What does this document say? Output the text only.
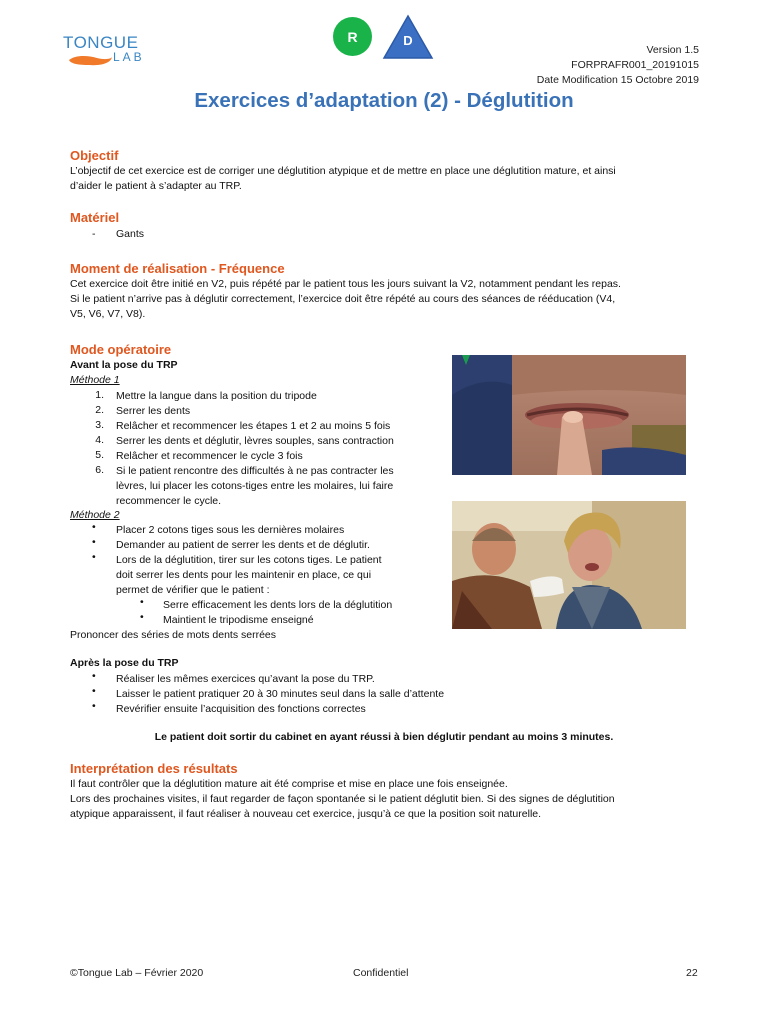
TONGUE
LAB
R	D
Version 1.5
FORPRAFR001_20191015
Date Modification 15 Octobre 2019
Exercices d’adaptation (2) - Déglutition
Objectif
L’objectif de cet exercice est de corriger une déglutition atypique et de mettre en place une déglutition mature, et ainsi
d’aider le patient à s’adapter au TRP.
Matériel
- Gants
Moment de réalisation - Fréquence
Cet exercice doit être initié en V2, puis répété par le patient tous les jours suivant la V2, notamment pendant les repas.
Si le patient n’arrive pas à déglutir correctement, l’exercice doit être répété au cours des séances de rééducation (V4,
V5, V6, V7, V8).
Mode opératoire
Avant la pose du TRP
Méthode 1
1. Mettre la langue dans la position du tripode
2. Serrer les dents
3. Relâcher et recommencer les étapes 1 et 2 au moins 5 fois
4. Serrer les dents et déglutir, lèvres souples, sans contraction
5. Relâcher et recommencer le cycle 3 fois
6. Si le patient rencontre des difficultés à ne pas contracter les
lèvres, lui placer les cotons-tiges entre les molaires, lui faire
recommencer le cycle.
Méthode 2
• Placer 2 cotons tiges sous les dernières molaires
• Demander au patient de serrer les dents et de déglutir.
• Lors de la déglutition, tirer sur les cotons tiges. Le patient
doit serrer les dents pour les maintenir en place, ce qui
permet de vérifier que le patient :
• Serre efficacement les dents lors de la déglutition
• Maintient le tripodisme enseigné
Prononcer des séries de mots dents serrées
Après la pose du TRP
• Réaliser les mêmes exercices qu’avant la pose du TRP.
• Laisser le patient pratiquer 20 à 30 minutes seul dans la salle d’attente
• Revérifier ensuite l’acquisition des fonctions correctes
Le patient doit sortir du cabinet en ayant réussi à bien déglutir pendant au moins 3 minutes.
Interprétation des résultats
Il faut contrôler que la déglutition mature ait été comprise et mise en place une fois enseignée.
Lors des prochaines visites, il faut regarder de façon spontanée si le patient déglutit bien. Si des signes de déglutition
atypique apparaissent, il faut réaliser à nouveau cet exercice, jusqu’à ce que la position soit naturelle.
©Tongue Lab – Février 2020	Confidentiel	22
